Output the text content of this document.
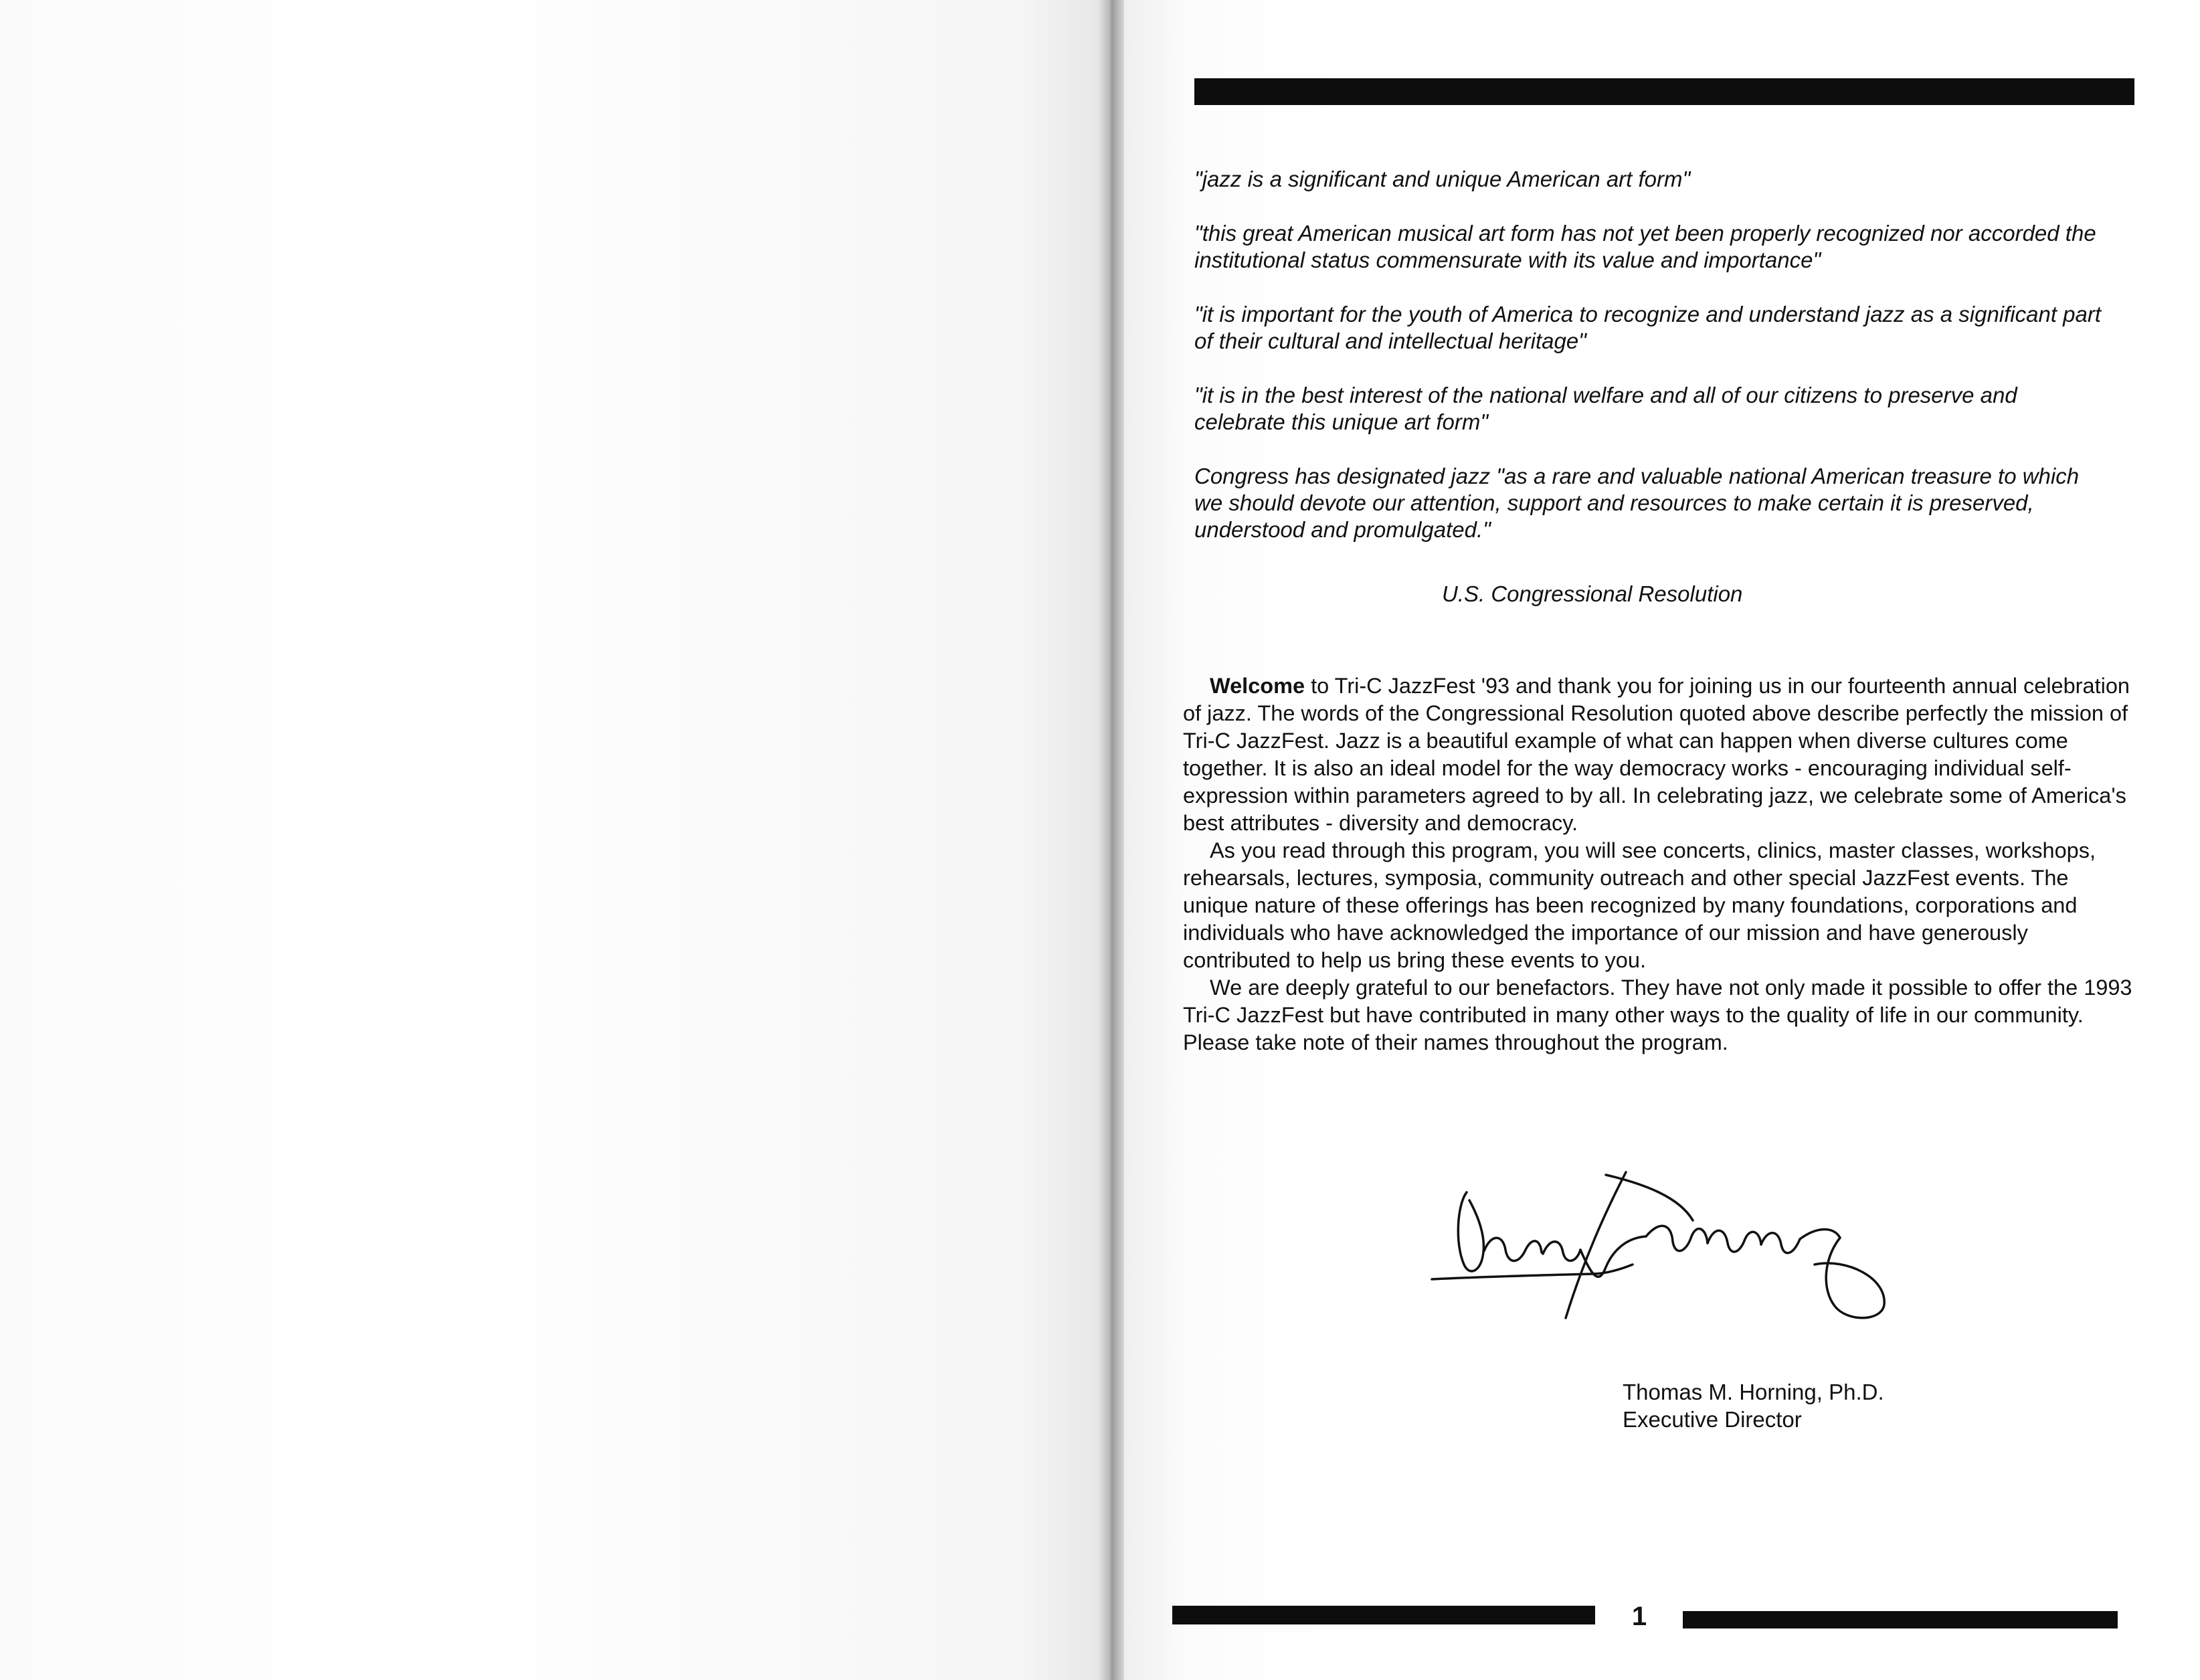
"jazz is a significant and unique American art form"

"this great American musical art form has not yet been properly recognized nor accorded the institutional status commensurate with its value and importance"

"it is important for the youth of America to recognize and understand jazz as a significant part of their cultural and intellectual heritage"

"it is in the best interest of the national welfare and all of our citizens to preserve and celebrate this unique art form"

Congress has designated jazz "as a rare and valuable national American treasure to which we should devote our attention, support and resources to make certain it is preserved, understood and promulgated."

U.S. Congressional Resolution

Welcome to Tri-C JazzFest '93 and thank you for joining us in our fourteenth annual celebration of jazz. The words of the Congressional Resolution quoted above describe perfectly the mission of Tri-C JazzFest. Jazz is a beautiful example of what can happen when diverse cultures come together. It is also an ideal model for the way democracy works - encouraging individual self-expression within parameters agreed to by all. In celebrating jazz, we celebrate some of America's best attributes - diversity and democracy.

As you read through this program, you will see concerts, clinics, master classes, workshops, rehearsals, lectures, symposia, community outreach and other special JazzFest events. The unique nature of these offerings has been recognized by many foundations, corporations and individuals who have acknowledged the importance of our mission and have generously contributed to help us bring these events to you.

We are deeply grateful to our benefactors. They have not only made it possible to offer the 1993 Tri-C JazzFest but have contributed in many other ways to the quality of life in our community. Please take note of their names throughout the program.

Thomas M. Horning, Ph.D.
Executive Director
1
